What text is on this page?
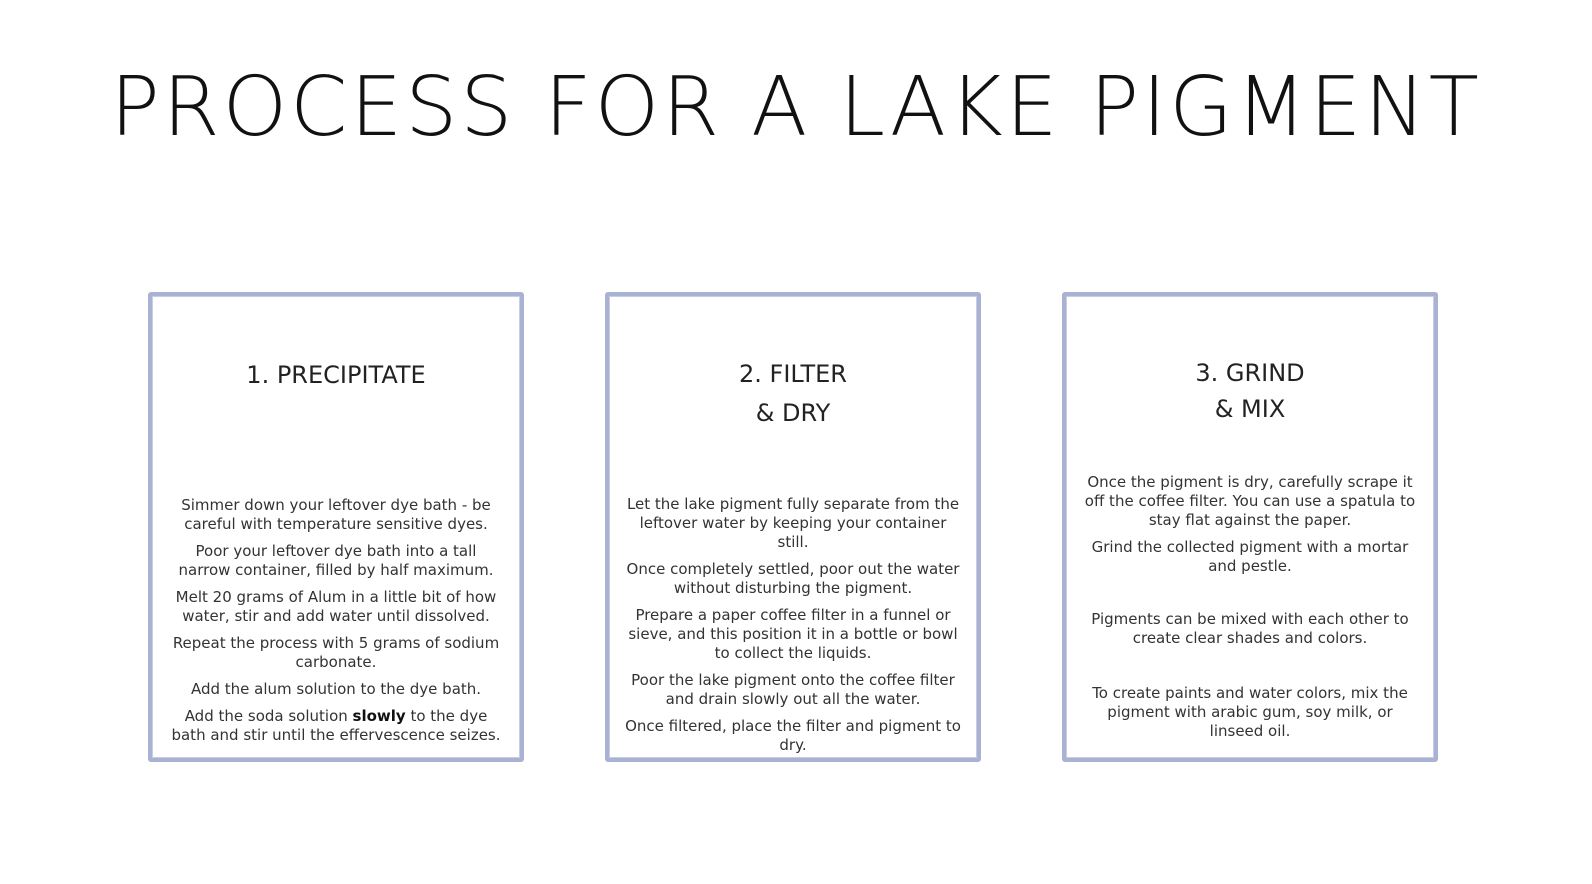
PROCESS FOR A LAKE PIGMENT
1. PRECIPITATE

Simmer down your leftover dye bath - be careful with temperature sensitive dyes.

Poor your leftover dye bath into a tall narrow container, filled by half maximum.

Melt 20 grams of Alum in a little bit of how water, stir and add water until dissolved.

Repeat the process with 5 grams of sodium carbonate.

Add the alum solution to the dye bath.

Add the soda solution slowly to the dye bath and stir until the effervescence seizes.

2. FILTER
& DRY

Let the lake pigment fully separate from the leftover water by keeping your container still.

Once completely settled, poor out the water without disturbing the pigment.

Prepare a paper coffee filter in a funnel or sieve, and this position it in a bottle or bowl to collect the liquids.

Poor the lake pigment onto the coffee filter and drain slowly out all the water.

Once filtered, place the filter and pigment to dry.

3. GRIND
& MIX

Once the pigment is dry, carefully scrape it off the coffee filter. You can use a spatula to stay flat against the paper.

Grind the collected pigment with a mortar and pestle.

Pigments can be mixed with each other to create clear shades and colors.

To create paints and water colors, mix the pigment with arabic gum, soy milk, or linseed oil.
